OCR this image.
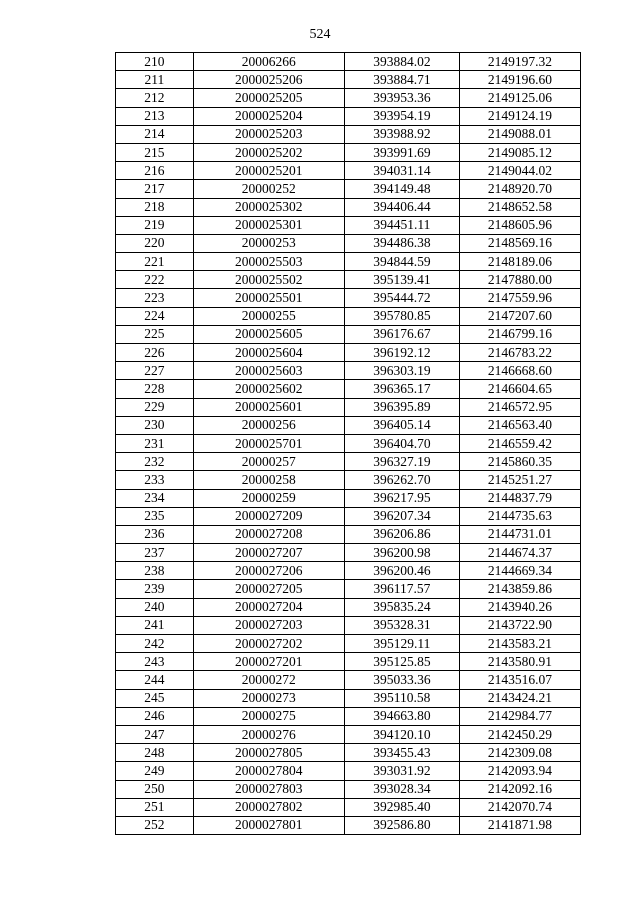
524
210	20006266	393884.02	2149197.32
211	2000025206	393884.71	2149196.60
212	2000025205	393953.36	2149125.06
213	2000025204	393954.19	2149124.19
214	2000025203	393988.92	2149088.01
215	2000025202	393991.69	2149085.12
216	2000025201	394031.14	2149044.02
217	20000252	394149.48	2148920.70
218	2000025302	394406.44	2148652.58
219	2000025301	394451.11	2148605.96
220	20000253	394486.38	2148569.16
221	2000025503	394844.59	2148189.06
222	2000025502	395139.41	2147880.00
223	2000025501	395444.72	2147559.96
224	20000255	395780.85	2147207.60
225	2000025605	396176.67	2146799.16
226	2000025604	396192.12	2146783.22
227	2000025603	396303.19	2146668.60
228	2000025602	396365.17	2146604.65
229	2000025601	396395.89	2146572.95
230	20000256	396405.14	2146563.40
231	2000025701	396404.70	2146559.42
232	20000257	396327.19	2145860.35
233	20000258	396262.70	2145251.27
234	20000259	396217.95	2144837.79
235	2000027209	396207.34	2144735.63
236	2000027208	396206.86	2144731.01
237	2000027207	396200.98	2144674.37
238	2000027206	396200.46	2144669.34
239	2000027205	396117.57	2143859.86
240	2000027204	395835.24	2143940.26
241	2000027203	395328.31	2143722.90
242	2000027202	395129.11	2143583.21
243	2000027201	395125.85	2143580.91
244	20000272	395033.36	2143516.07
245	20000273	395110.58	2143424.21
246	20000275	394663.80	2142984.77
247	20000276	394120.10	2142450.29
248	2000027805	393455.43	2142309.08
249	2000027804	393031.92	2142093.94
250	2000027803	393028.34	2142092.16
251	2000027802	392985.40	2142070.74
252	2000027801	392586.80	2141871.98
